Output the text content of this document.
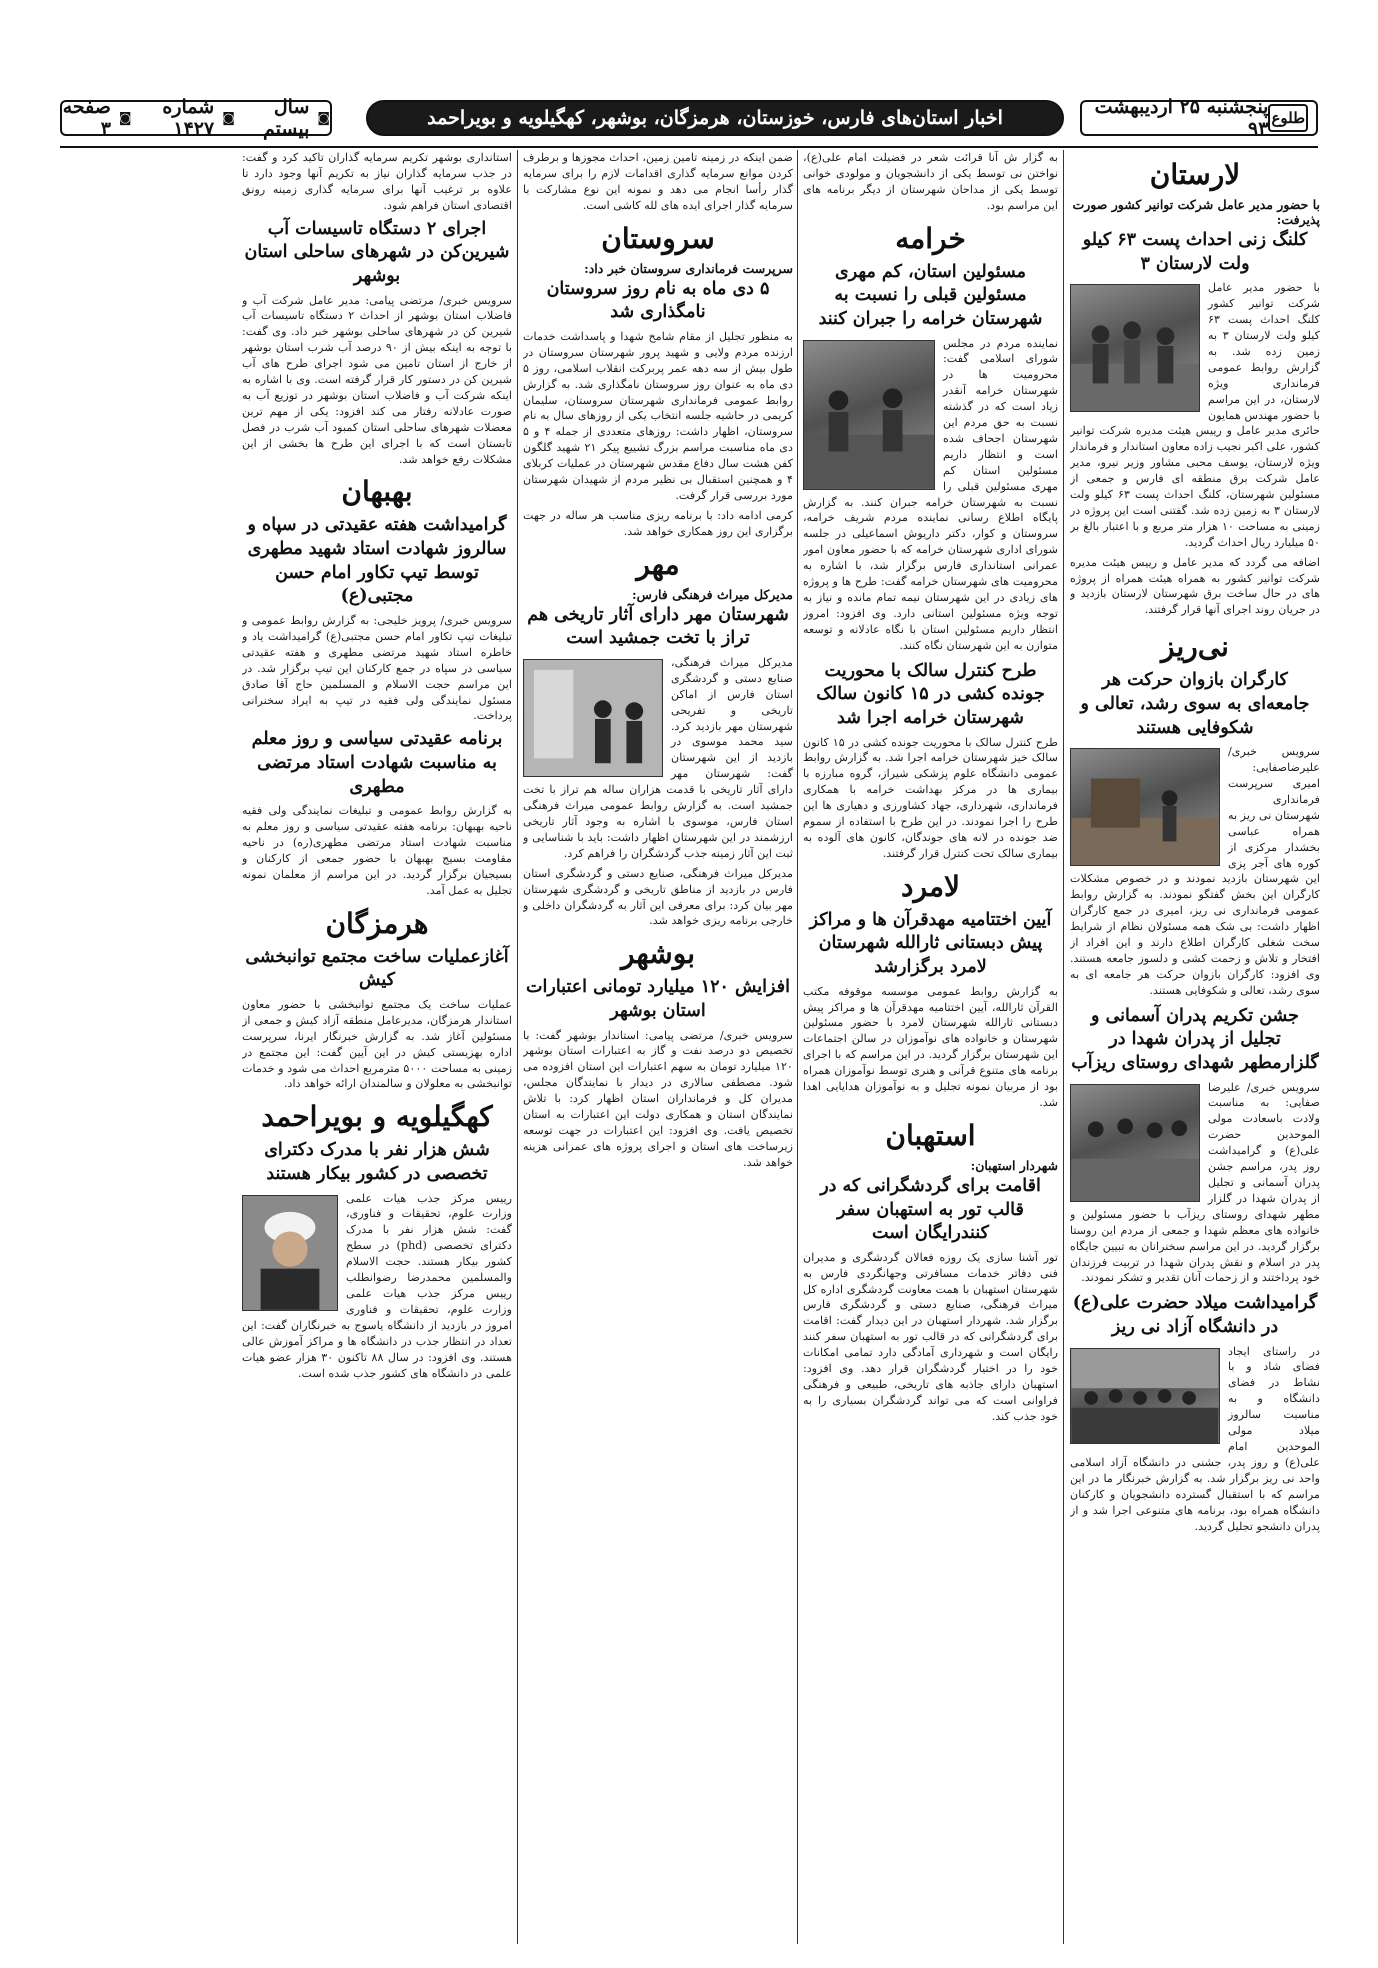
طلوع
پنجشنبه ۲۵ اردیبهشت ۹۳
اخبار استان‌های فارس، خوزستان، هرمزگان، بوشهر، کهگیلویه و بویراحمد
◙
سال بیستم
◙
شماره ۱۴۲۷
◙
صفحه ۳
لارستان
با حضور مدیر عامل شرکت توانیر کشور صورت پذیرفت:
کلنگ زنی احداث پست ۶۳ کیلو ولت لارستان ۳
با حضور مدیر عامل شرکت توانیر کشور کلنگ احداث پست ۶۳ کیلو ولت لارستان ۳ به زمین زده شد. به گزارش روابط عمومی فرمانداری ویژه لارستان، در این مراسم با حضور مهندس همایون حائری مدیر عامل و رییس هیئت مدیره شرکت توانیر کشور، علی اکبر نجیب زاده معاون استاندار و فرماندار ویژه لارستان، یوسف محبی مشاور وزیر نیرو، مدیر عامل شرکت برق منطقه ای فارس و جمعی از مسئولین شهرستان، کلنگ احداث پست ۶۳ کیلو ولت لارستان ۳ به زمین زده شد. گفتنی است این پروژه در زمینی به مساحت ۱۰ هزار متر مربع و با اعتبار بالغ بر ۵۰ میلیارد ریال احداث گردید.
اضافه می گردد که مدیر عامل و رییس هیئت مدیره شرکت توانیر کشور به همراه هیئت همراه از پروژه های در حال ساخت برق شهرستان لارستان بازدید و در جریان روند اجرای آنها قرار گرفتند.
نی‌ریز
کارگران بازوان حرکت هر جامعه‌ای به سوی رشد، تعالی و شکوفایی هستند
سرویس خبری/ علیرضاصفایی: امیری سرپرست فرمانداری شهرستان نی ریز به همراه عباسی بخشدار مرکزی از کوره های آجر پزی این شهرستان بازدید نمودند و در خصوص مشکلات کارگران این بخش گفتگو نمودند. به گزارش روابط عمومی فرمانداری نی ریز، امیری در جمع کارگران اظهار داشت: بی شک همه مسئولان نظام از شرایط سخت شغلی کارگران اطلاع دارند و این افراد از افتخار و تلاش و زحمت کشی و دلسوز جامعه هستند. وی افزود: کارگران بازوان حرکت هر جامعه ای به سوی رشد، تعالی و شکوفایی هستند.
جشن تکریم پدران آسمانی و تجلیل از پدران شهدا در گلزارمطهر شهدای روستای ریزآب
سرویس خبری/ علیرضا صفایی: به مناسبت ولادت باسعادت مولی الموحدین حضرت علی(ع) و گرامیداشت روز پدر، مراسم جشن پدران آسمانی و تجلیل از پدران شهدا در گلزار مطهر شهدای روستای ریزآب با حضور مسئولین و خانواده های معظم شهدا و جمعی از مردم این روستا برگزار گردید. در این مراسم سخنرانان به تبیین جایگاه پدر در اسلام و نقش پدران شهدا در تربیت فرزندان خود پرداختند و از زحمات آنان تقدیر و تشکر نمودند.
گرامیداشت میلاد حضرت علی(ع) در دانشگاه آزاد نی ریز
در راستای ایجاد فضای شاد و با نشاط در فضای دانشگاه و به مناسبت سالروز میلاد مولی الموحدین امام علی(ع) و روز پدر، جشنی در دانشگاه آزاد اسلامی واحد نی ریز برگزار شد. به گزارش خبرنگار ما در این مراسم که با استقبال گسترده دانشجویان و کارکنان دانشگاه همراه بود، برنامه های متنوعی اجرا شد و از پدران دانشجو تجلیل گردید.
به گزار ش آنا قرائت شعر در فضیلت امام علی(ع)، نواختن نی توسط یکی از دانشجویان و مولودی خوانی توسط یکی از مداحان شهرستان از دیگر برنامه های این مراسم بود.
خرامه
مسئولین استان، کم مهری مسئولین قبلی را نسبت به شهرستان خرامه را جبران کنند
نماینده مردم در مجلس شورای اسلامی گفت: محرومیت ها در شهرستان خرامه آنقدر زیاد است که در گذشته نسبت به حق مردم این شهرستان اجحاف شده است و انتظار داریم مسئولین استان کم مهری مسئولین قبلی را نسبت به شهرستان خرامه جبران کنند. به گزارش پایگاه اطلاع رسانی نماینده مردم شریف خرامه، سروستان و کوار، دکتر داریوش اسماعیلی در جلسه شورای اداری شهرستان خرامه که با حضور معاون امور عمرانی استانداری فارس برگزار شد، با اشاره به محرومیت های شهرستان خرامه گفت: طرح ها و پروژه های زیادی در این شهرستان نیمه تمام مانده و نیاز به توجه ویژه مسئولین استانی دارد. وی افزود: امروز انتظار داریم مسئولین استان با نگاه عادلانه و توسعه متوازن به این شهرستان نگاه کنند.
طرح کنترل سالک با محوریت جونده کشی در ۱۵ کانون سالک شهرستان خرامه اجرا شد
طرح کنترل سالک با محوریت جونده کشی در ۱۵ کانون سالک خیز شهرستان خرامه اجرا شد. به گزارش روابط عمومی دانشگاه علوم پزشکی شیراز، گروه مبارزه با بیماری ها در مرکز بهداشت خرامه با همکاری فرمانداری، شهرداری، جهاد کشاورزی و دهیاری ها این طرح را اجرا نمودند. در این طرح با استفاده از سموم ضد جونده در لانه های جوندگان، کانون های آلوده به بیماری سالک تحت کنترل قرار گرفتند.
لامرد
آیین اختتامیه مهدقرآن ها و مراکز پیش دبستانی ثارالله شهرستان لامرد برگزارشد
به گزارش روابط عمومی موسسه موقوفه مکتب القرآن ثارالله، آیین اختتامیه مهدقرآن ها و مراکز پیش دبستانی ثارالله شهرستان لامرد با حضور مسئولین شهرستان و خانواده های نوآموزان در سالن اجتماعات این شهرستان برگزار گردید. در این مراسم که با اجرای برنامه های متنوع قرآنی و هنری توسط نوآموزان همراه بود از مربیان نمونه تجلیل و به نوآموزان هدایایی اهدا شد.
استهبان
شهردار استهبان:
اقامت برای گردشگرانی که در قالب تور به استهبان سفر کنندرایگان است
تور آشنا سازی یک روزه فعالان گردشگری و مدیران فنی دفاتر خدمات مسافرتی وجهانگردی فارس به شهرستان استهبان با همت معاونت گردشگری اداره کل میراث فرهنگی، صنایع دستی و گردشگری فارس برگزار شد. شهردار استهبان در این دیدار گفت: اقامت برای گردشگرانی که در قالب تور به استهبان سفر کنند رایگان است و شهرداری آمادگی دارد تمامی امکانات خود را در اختیار گردشگران قرار دهد. وی افزود: استهبان دارای جاذبه های تاریخی، طبیعی و فرهنگی فراوانی است که می تواند گردشگران بسیاری را به خود جذب کند.
ضمن اینکه در زمینه تامین زمین، احداث مجوزها و برطرف کردن موانع سرمایه گذاری اقدامات لازم را برای سرمایه گذار رأسا انجام می دهد و نمونه این نوع مشارکت با سرمایه گذار اجرای ایده های لله کاشی است.
سروستان
سرپرست فرمانداری سروستان خبر داد:
۵ دی ماه به نام روز سروستان نامگذاری شد
به منظور تجلیل از مقام شامخ شهدا و پاسداشت خدمات ارزنده مردم ولایی و شهید پرور شهرستان سروستان در طول بیش از سه دهه عمر پربرکت انقلاب اسلامی، روز ۵ دی ماه به عنوان روز سروستان نامگذاری شد. به گزارش روابط عمومی فرمانداری شهرستان سروستان، سلیمان کریمی در حاشیه جلسه انتخاب یکی از روزهای سال به نام سروستان، اظهار داشت: روزهای متعددی از جمله ۴ و ۵ دی ماه مناسبت مراسم بزرگ تشییع پیکر ۲۱ شهید گلگون کفن هشت سال دفاع مقدس شهرستان در عملیات کربلای ۴ و همچنین استقبال بی نظیر مردم از شهیدان شهرستان مورد بررسی قرار گرفت.
کرمی ادامه داد: با برنامه ریزی مناسب هر ساله در جهت برگزاری این روز همکاری خواهد شد.
مهر
مدیرکل میراث فرهنگی فارس:
شهرستان مهر دارای آثار تاریخی هم تراز با تخت جمشید است
مدیرکل میراث فرهنگی، صنایع دستی و گردشگری استان فارس از اماکن تاریخی و تفریحی شهرستان مهر بازدید کرد. سید محمد موسوی در بازدید از این شهرستان گفت: شهرستان مهر دارای آثار تاریخی با قدمت هزاران ساله هم تراز با تخت جمشید است. به گزارش روابط عمومی میراث فرهنگی استان فارس، موسوی با اشاره به وجود آثار تاریخی ارزشمند در این شهرستان اظهار داشت: باید با شناسایی و ثبت این آثار زمینه جذب گردشگران را فراهم کرد.
مدیرکل میراث فرهنگی، صنایع دستی و گردشگری استان فارس در بازدید از مناطق تاریخی و گردشگری شهرستان مهر بیان کرد: برای معرفی این آثار به گردشگران داخلی و خارجی برنامه ریزی خواهد شد.
بوشهر
افزایش ۱۲۰ میلیارد تومانی اعتبارات استان بوشهر
سرویس خبری/ مرتضی پیامی: استاندار بوشهر گفت: با تخصیص دو درصد نفت و گاز به اعتبارات استان بوشهر ۱۲۰ میلیارد تومان به سهم اعتبارات این استان افزوده می شود. مصطفی سالاری در دیدار با نمایندگان مجلس، مدیران کل و فرمانداران استان اظهار کرد: با تلاش نمایندگان استان و همکاری دولت این اعتبارات به استان تخصیص یافت. وی افزود: این اعتبارات در جهت توسعه زیرساخت های استان و اجرای پروژه های عمرانی هزینه خواهد شد.
استانداری بوشهر تکریم سرمایه گذاران تاکید کرد و گفت: در جذب سرمایه گذاران نیاز به تکریم آنها وجود دارد تا علاوه بر ترغیب آنها برای سرمایه گذاری زمینه رونق اقتصادی استان فراهم شود.
اجرای ۲ دستگاه تاسیسات آب شیرین‌کن در شهرهای ساحلی استان بوشهر
سرویس خبری/ مرتضی پیامی: مدیر عامل شرکت آب و فاضلاب استان بوشهر از احداث ۲ دستگاه تاسیسات آب شیرین کن در شهرهای ساحلی بوشهر خبر داد. وی گفت: با توجه به اینکه بیش از ۹۰ درصد آب شرب استان بوشهر از خارج از استان تامین می شود اجرای طرح های آب شیرین کن در دستور کار قرار گرفته است. وی با اشاره به اینکه شرکت آب و فاضلاب استان بوشهر در توزیع آب به صورت عادلانه رفتار می کند افزود: یکی از مهم ترین معضلات شهرهای ساحلی استان کمبود آب شرب در فصل تابستان است که با اجرای این طرح ها بخشی از این مشکلات رفع خواهد شد.
بهبهان
گرامیداشت هفته عقیدتی در سپاه و سالروز شهادت استاد شهید مطهری توسط تیپ تکاور امام حسن مجتبی(ع)
سرویس خبری/ پرویز خلیجی: به گزارش روابط عمومی و تبلیغات تیپ تکاور امام حسن مجتبی(ع) گرامیداشت یاد و خاطره استاد شهید مرتضی مطهری و هفته عقیدتی سیاسی در سپاه در جمع کارکنان این تیپ برگزار شد. در این مراسم حجت الاسلام و المسلمین حاج آقا صادق مسئول نمایندگی ولی فقیه در تیپ به ایراد سخنرانی پرداخت.
برنامه عقیدتی سیاسی و روز معلم به مناسبت شهادت استاد مرتضی مطهری
به گزارش روابط عمومی و تبلیغات نمایندگی ولی فقیه ناحیه بهبهان: برنامه هفته عقیدتی سیاسی و روز معلم به مناسبت شهادت استاد مرتضی مطهری(ره) در ناحیه مقاومت بسیج بهبهان با حضور جمعی از کارکنان و بسیجیان برگزار گردید. در این مراسم از معلمان نمونه تجلیل به عمل آمد.
هرمزگان
آغازعملیات ساخت مجتمع توانبخشی کیش
عملیات ساخت یک مجتمع توانبخشی با حضور معاون استاندار هرمزگان، مدیرعامل منطقه آزاد کیش و جمعی از مسئولین آغاز شد. به گزارش خبرنگار ایرنا، سرپرست اداره بهزیستی کیش در این آیین گفت: این مجتمع در زمینی به مساحت ۵۰۰۰ مترمربع احداث می شود و خدمات توانبخشی به معلولان و سالمندان ارائه خواهد داد.
کهگیلویه و بویراحمد
شش هزار نفر با مدرک دکترای تخصصی در کشور بیکار هستند
رییس مرکز جذب هیات علمی وزارت علوم، تحقیقات و فناوری، گفت: شش هزار نفر با مدرک دکترای تخصصی (phd) در سطح کشور بیکار هستند. حجت الاسلام والمسلمین محمدرضا رضوانطلب رییس مرکز جذب هیات علمی وزارت علوم، تحقیقات و فناوری امروز در بازدید از دانشگاه یاسوج به خبرنگاران گفت: این تعداد در انتظار جذب در دانشگاه ها و مراکز آموزش عالی هستند. وی افزود: در سال ۸۸ تاکنون ۳۰ هزار عضو هیات علمی در دانشگاه های کشور جذب شده است.
